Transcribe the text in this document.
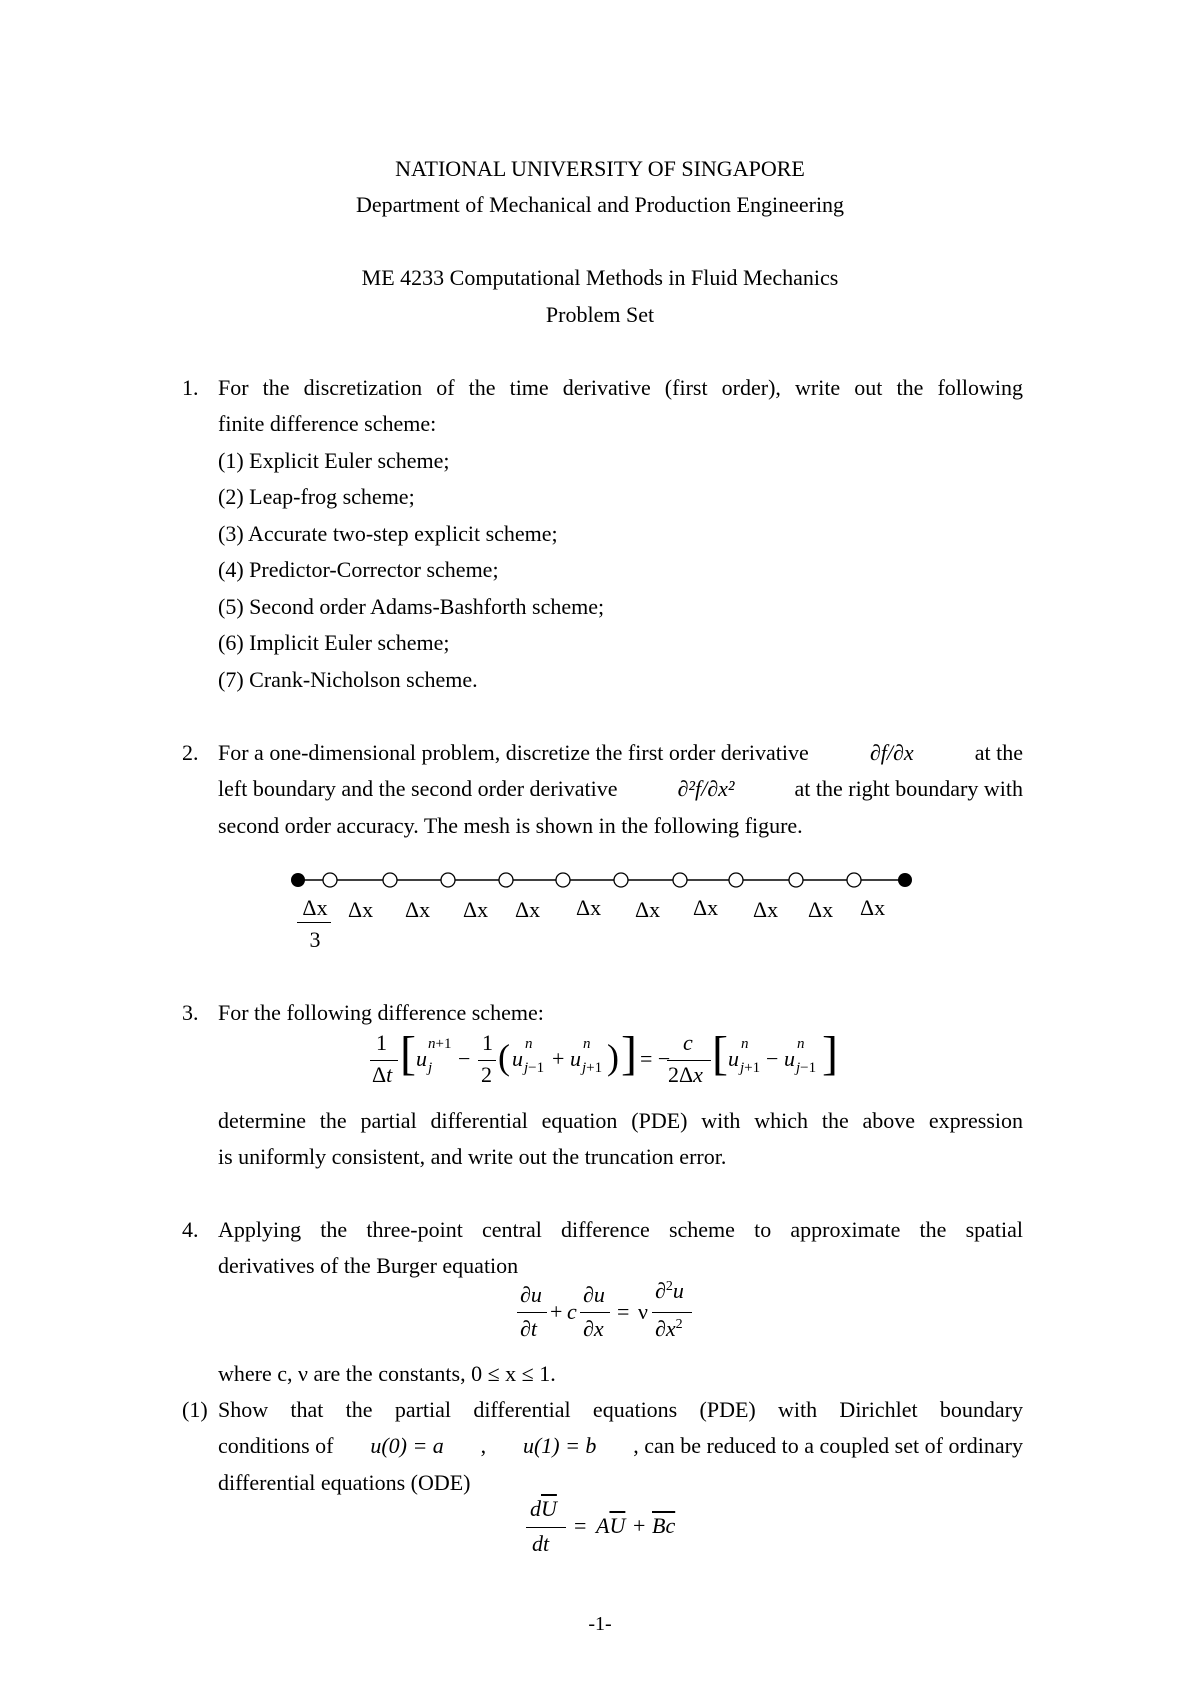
NATIONAL UNIVERSITY OF SINGAPORE
Department of Mechanical and Production Engineering
ME 4233 Computational Methods in Fluid Mechanics
Problem Set
1. For the discretization of the time derivative (first order), write out the following
finite difference scheme:
(1) Explicit Euler scheme;
(2) Leap-frog scheme;
(3) Accurate two-step explicit scheme;
(4) Predictor-Corrector scheme;
(5) Second order Adams-Bashforth scheme;
(6) Implicit Euler scheme;
(7) Crank-Nicholson scheme.
2. For a one-dimensional problem, discretize the first order derivative	∂f/∂x	at the
left boundary and the second order derivative	∂²f/∂x²	at the right boundary with
second order accuracy. The mesh is shown in the following figure.
Δx
3
Δx Δx Δx Δx Δx Δx Δx Δx Δx Δx
3. For the following difference scheme:
1
Δt [ u j
n+1
−
1
2 ( u j−1
n
+ u j+1
n ) ] = −
c
2Δx [ u j+1
n
− u j−1
n ]
determine the partial differential equation (PDE) with which the above expression
is uniformly consistent, and write out the truncation error.
4. Applying the three-point central difference scheme to approximate the spatial
derivatives of the Burger equation
∂u
∂t
+ c
∂u
∂x
= ν
∂$^2$u
$\partial x^2$
where c, ν are the constants, 0 ≤ x ≤ 1.
(1) Show that the partial differential equations (PDE) with Dirichlet boundary
conditions of u(0) = a , u(1) = b , can be reduced to a coupled set of ordinary
differential equations (ODE)
$d\overline{U}$
dt
= $A\overline{U} + \overline{Bc}$
-1-
